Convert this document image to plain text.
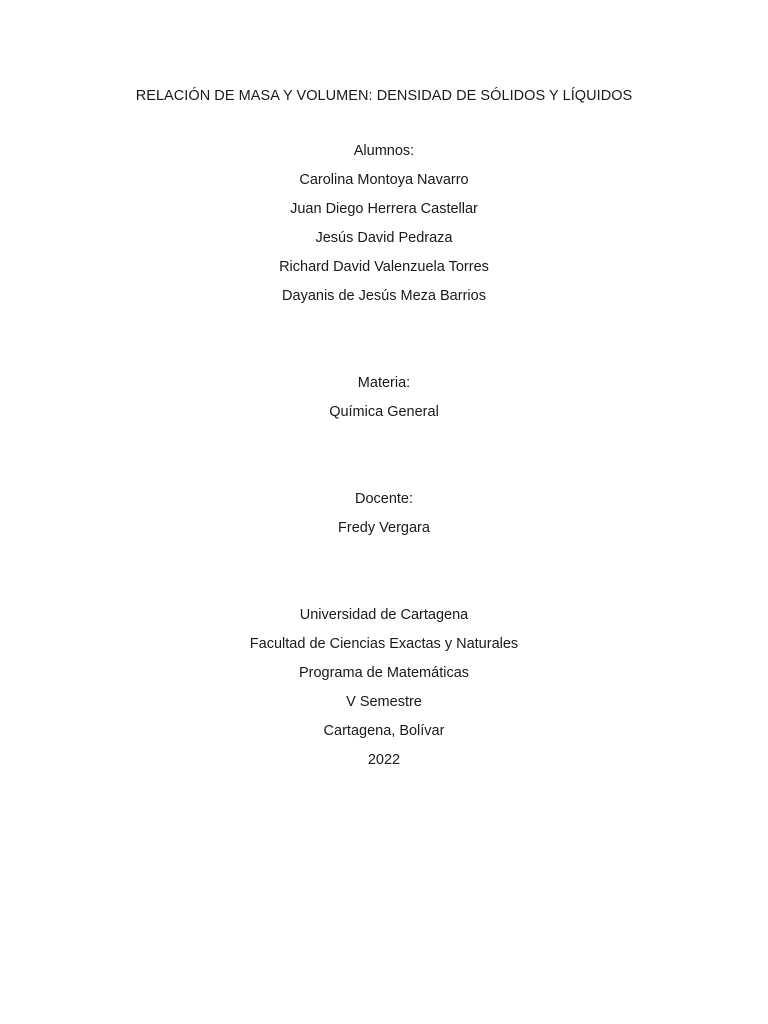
RELACIÓN DE MASA Y VOLUMEN: DENSIDAD DE SÓLIDOS Y LÍQUIDOS
Alumnos:
Carolina Montoya Navarro
Juan Diego Herrera Castellar
Jesús David Pedraza
Richard David Valenzuela Torres
Dayanis de Jesús Meza Barrios
Materia:
Química General
Docente:
Fredy Vergara
Universidad de Cartagena
Facultad de Ciencias Exactas y Naturales
Programa de Matemáticas
V Semestre
Cartagena, Bolívar
2022
